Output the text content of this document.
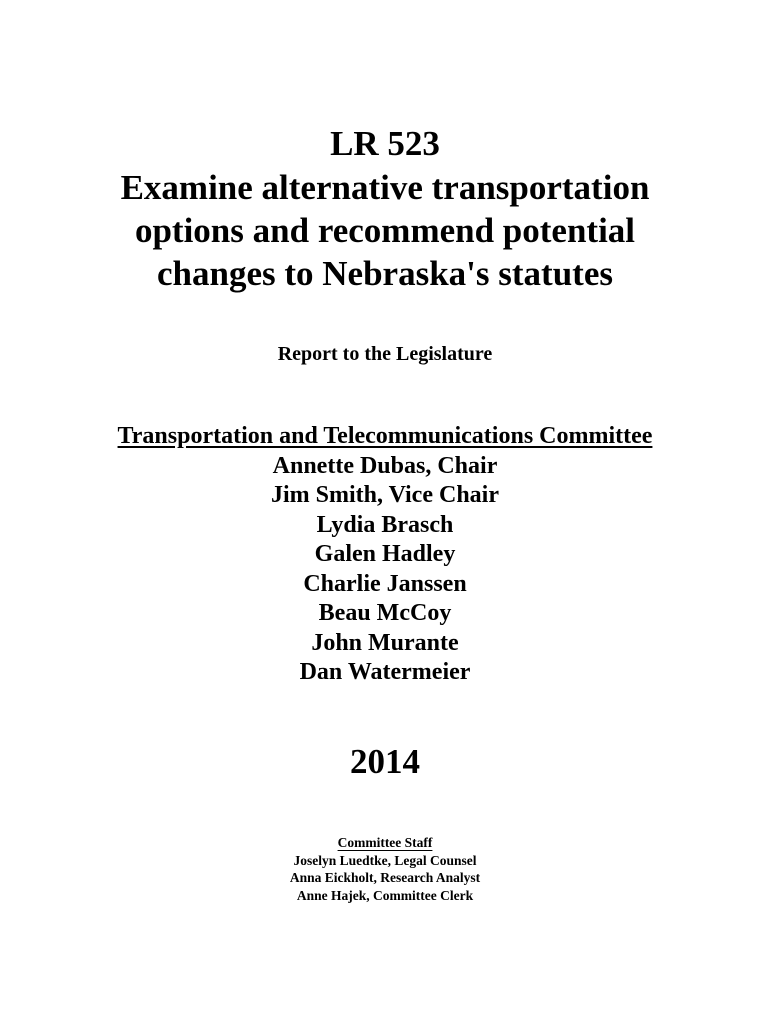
LR 523
Examine alternative transportation
options and recommend potential
changes to Nebraska's statutes
Report to the Legislature
Transportation and Telecommunications Committee
Annette Dubas, Chair
Jim Smith, Vice Chair
Lydia Brasch
Galen Hadley
Charlie Janssen
Beau McCoy
John Murante
Dan Watermeier
2014
Committee Staff
Joselyn Luedtke, Legal Counsel
Anna Eickholt, Research Analyst
Anne Hajek, Committee Clerk
